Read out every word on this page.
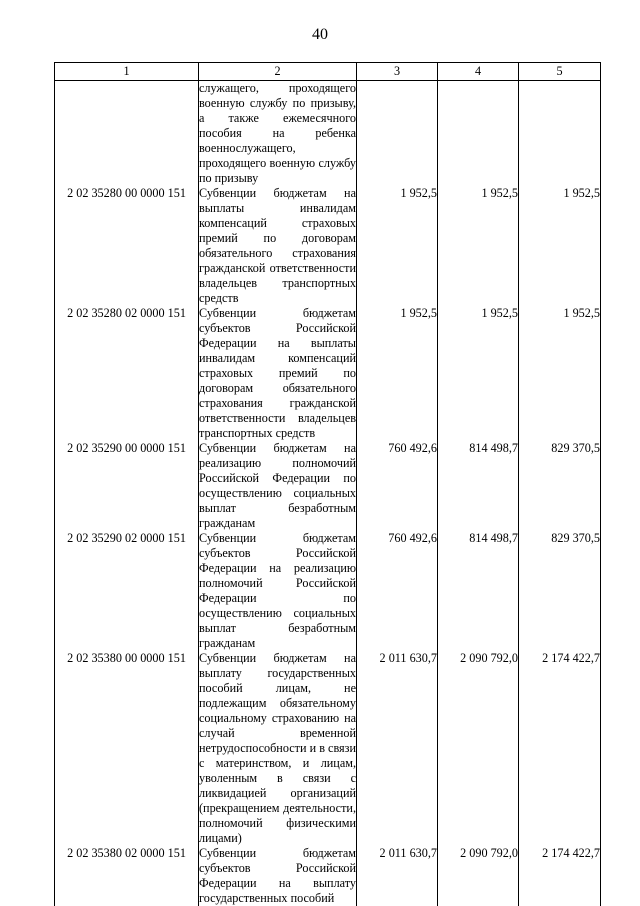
40
1	2	3	4	5
	служащего, проходящего военную службу по призыву, а также ежемесячного пособия на ребенка военнослужащего, проходящего военную службу по призыву			
2 02 35280 00 0000 151	Субвенции бюджетам на выплаты инвалидам компенсаций страховых премий по договорам обязательного страхования гражданской ответственности владельцев транспортных средств	1 952,5	1 952,5	1 952,5
2 02 35280 02 0000 151	Субвенции бюджетам субъектов Российской Федерации на выплаты инвалидам компенсаций страховых премий по договорам обязательного страхования гражданской ответственности владельцев транспортных средств	1 952,5	1 952,5	1 952,5
2 02 35290 00 0000 151	Субвенции бюджетам на реализацию полномочий Российской Федерации по осуществлению социальных выплат безработным гражданам	760 492,6	814 498,7	829 370,5
2 02 35290 02 0000 151	Субвенции бюджетам субъектов Российской Федерации на реализацию полномочий Российской Федерации по осуществлению социальных выплат безработным гражданам	760 492,6	814 498,7	829 370,5
2 02 35380 00 0000 151	Субвенции бюджетам на выплату государственных пособий лицам, не подлежащим обязательному социальному страхованию на случай временной нетрудоспособности и в связи с материнством, и лицам, уволенным в связи с ликвидацией организаций (прекращением деятельности, полномочий физическими лицами)	2 011 630,7	2 090 792,0	2 174 422,7
2 02 35380 02 0000 151	Субвенции бюджетам субъектов Российской Федерации на выплату государственных пособий	2 011 630,7	2 090 792,0	2 174 422,7
